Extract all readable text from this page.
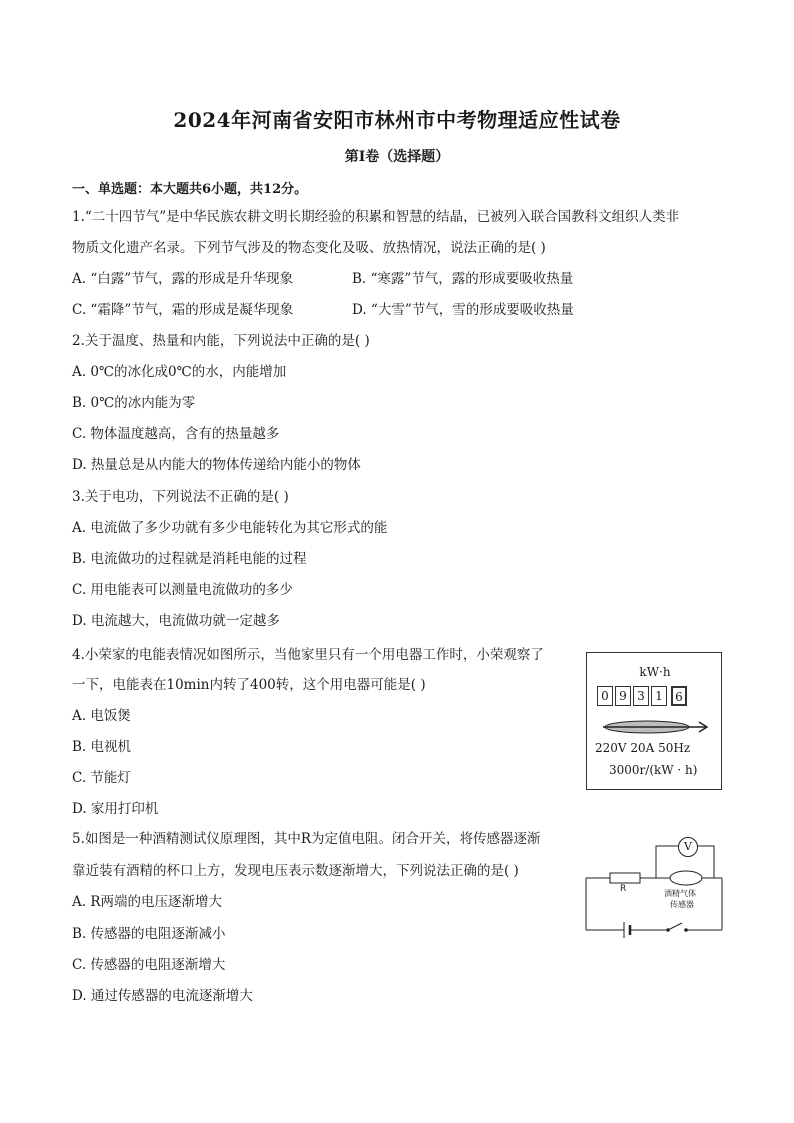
2024年河南省安阳市林州市中考物理适应性试卷
第I卷（选择题）
一、单选题：本大题共6小题，共12分。
1.“二十四节气”是中华民族农耕文明长期经验的积累和智慧的结晶，已被列入联合国教科文组织人类非
物质文化遗产名录。下列节气涉及的物态变化及吸、放热情况，说法正确的是( )
A. “白露”节气，露的形成是升华现象	B. “寒露”节气，露的形成要吸收热量
C. “霜降”节气，霜的形成是凝华现象	D. “大雪”节气，雪的形成要吸收热量
2.关于温度、热量和内能，下列说法中正确的是( )
A. 0℃的冰化成0℃的水，内能增加
B. 0℃的冰内能为零
C. 物体温度越高，含有的热量越多
D. 热量总是从内能大的物体传递给内能小的物体
3.关于电功，下列说法不正确的是( )
A. 电流做了多少功就有多少电能转化为其它形式的能
B. 电流做功的过程就是消耗电能的过程
C. 用电能表可以测量电流做功的多少
D. 电流越大，电流做功就一定越多
4.小荣家的电能表情况如图所示，当他家里只有一个用电器工作时，小荣观察了
一下，电能表在10min内转了400转，这个用电器可能是( )
A. 电饭煲
B. 电视机
C. 节能灯
D. 家用打印机
kW·h
0 9 3 1	6
220V 20A 50Hz
3000r/(kW · h)
5.如图是一种酒精测试仪原理图，其中R为定值电阻。闭合开关，将传感器逐渐
靠近装有酒精的杯口上方，发现电压表示数逐渐增大，下列说法正确的是( )
A. R两端的电压逐渐增大
B. 传感器的电阻逐渐减小
C. 传感器的电阻逐渐增大
D. 通过传感器的电流逐渐增大
V
R	酒精气体
传感器
